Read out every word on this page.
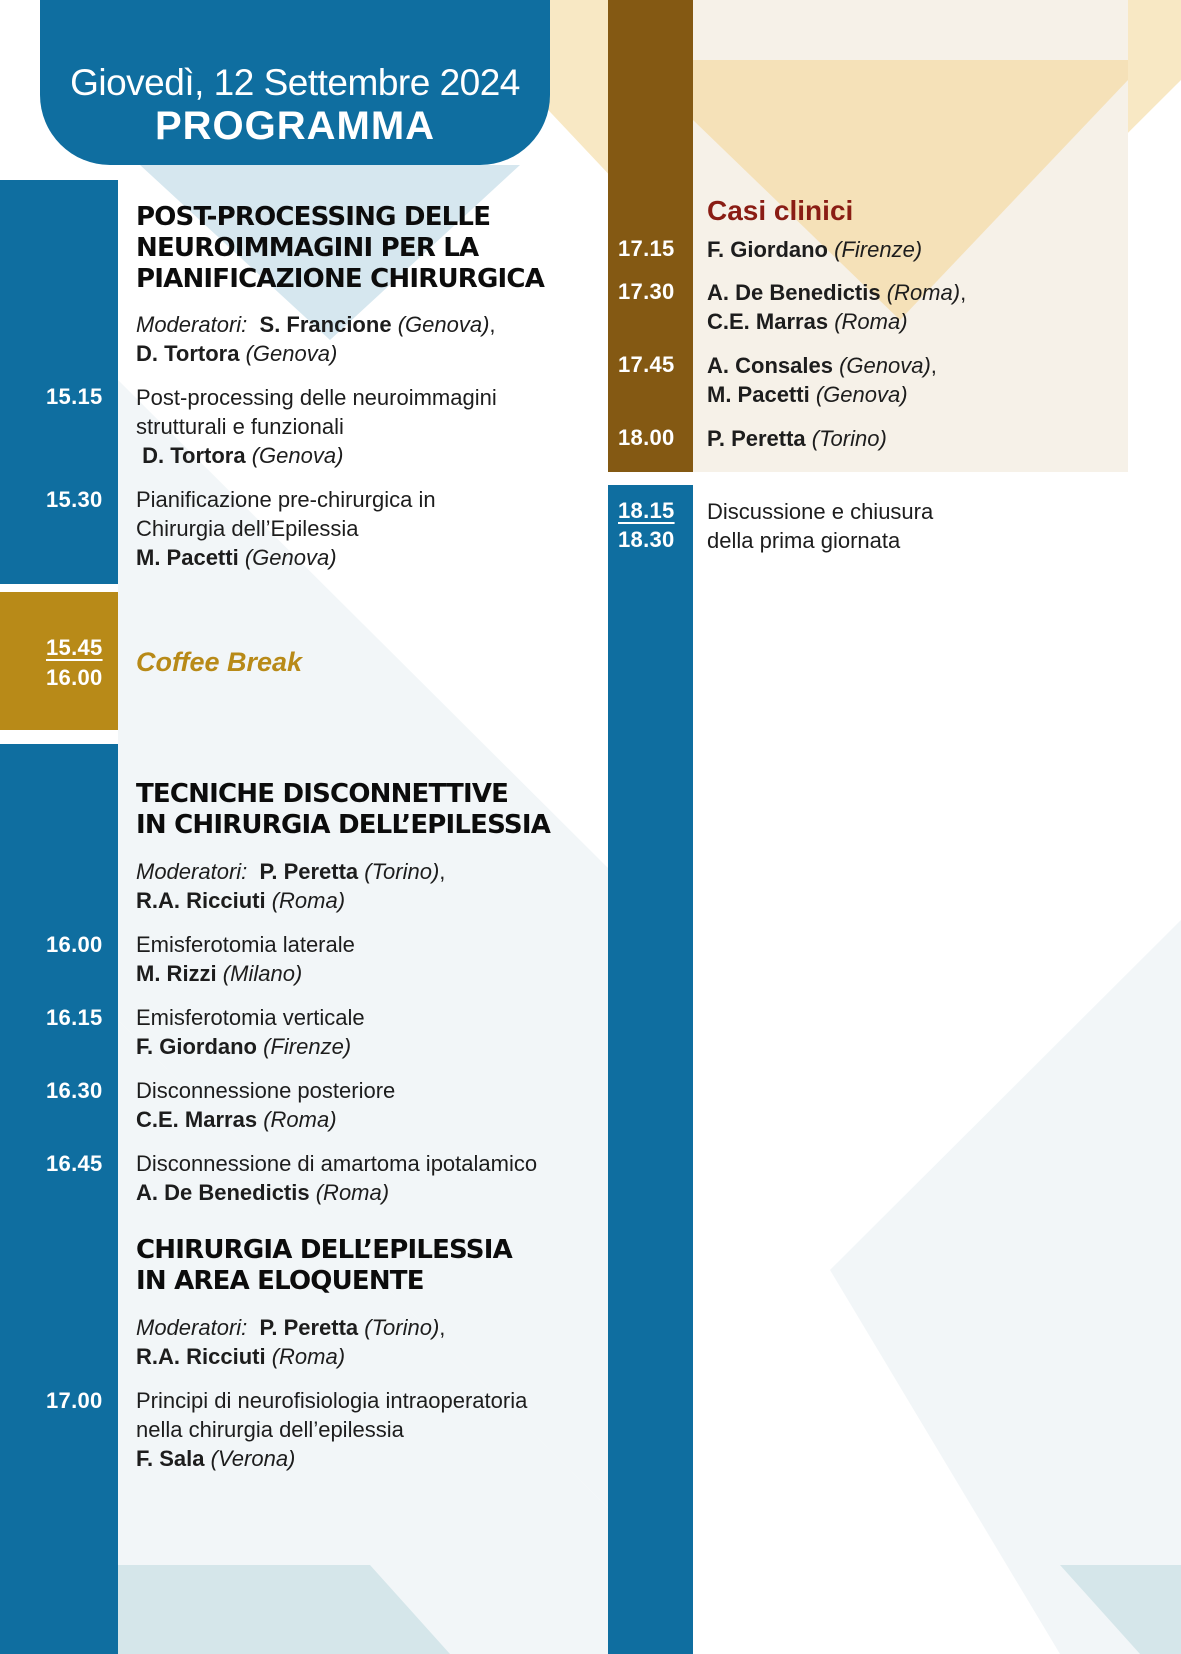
Giovedì, 12 Settembre 2024
PROGRAMMA
POST-PROCESSING DELLE
NEUROIMMAGINI PER LA
PIANIFICAZIONE CHIRURGICA
Moderatori: S. Francione (Genova),
D. Tortora (Genova)
15.15 Post-processing delle neuroimmagini
strutturali e funzionali
D. Tortora (Genova)
15.30 Pianificazione pre-chirurgica in
Chirurgia dell’Epilessia
M. Pacetti (Genova)
15.45
16.00
Coffee Break
TECNICHE DISCONNETTIVE
IN CHIRURGIA DELL’EPILESSIA
Moderatori: P. Peretta (Torino),
R.A. Ricciuti (Roma)
16.00 Emisferotomia laterale
M. Rizzi (Milano)
16.15 Emisferotomia verticale
F. Giordano (Firenze)
16.30 Disconnessione posteriore
C.E. Marras (Roma)
16.45 Disconnessione di amartoma ipotalamico
A. De Benedictis (Roma)
CHIRURGIA DELL’EPILESSIA
IN AREA ELOQUENTE
Moderatori: P. Peretta (Torino),
R.A. Ricciuti (Roma)
17.00 Principi di neurofisiologia intraoperatoria
nella chirurgia dell’epilessia
F. Sala (Verona)
Casi clinici
17.15 F. Giordano (Firenze)
17.30 A. De Benedictis (Roma),
C.E. Marras (Roma)
17.45 A. Consales (Genova),
M. Pacetti (Genova)
18.00 P. Peretta (Torino)
18.15
18.30
Discussione e chiusura
della prima giornata
